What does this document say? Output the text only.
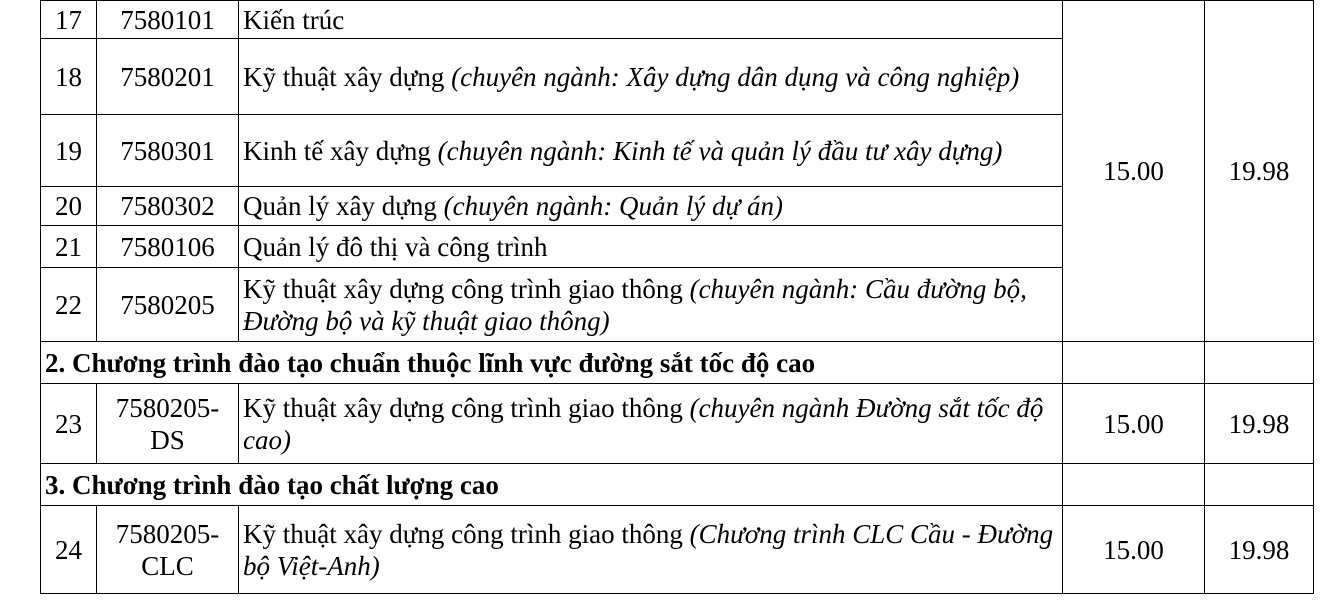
17	7580101	Kiến trúc	15.00	19.98
18	7580201	Kỹ thuật xây dựng (chuyên ngành: Xây dựng dân dụng và công nghiệp)		
19	7580301	Kinh tế xây dựng (chuyên ngành: Kinh tế và quản lý đầu tư xây dựng)		
20	7580302	Quản lý xây dựng (chuyên ngành: Quản lý dự án)		
21	7580106	Quản lý đô thị và công trình		
22	7580205	Kỹ thuật xây dựng công trình giao thông (chuyên ngành: Cầu đường bộ, Đường bộ và kỹ thuật giao thông)		
2. Chương trình đào tạo chuẩn thuộc lĩnh vực đường sắt tốc độ cao				
23	7580205-DS	Kỹ thuật xây dựng công trình giao thông (chuyên ngành Đường sắt tốc độ cao)	15.00	19.98
3. Chương trình đào tạo chất lượng cao				
24	7580205-CLC	Kỹ thuật xây dựng công trình giao thông (Chương trình CLC Cầu - Đường bộ Việt-Anh)	15.00	19.98
